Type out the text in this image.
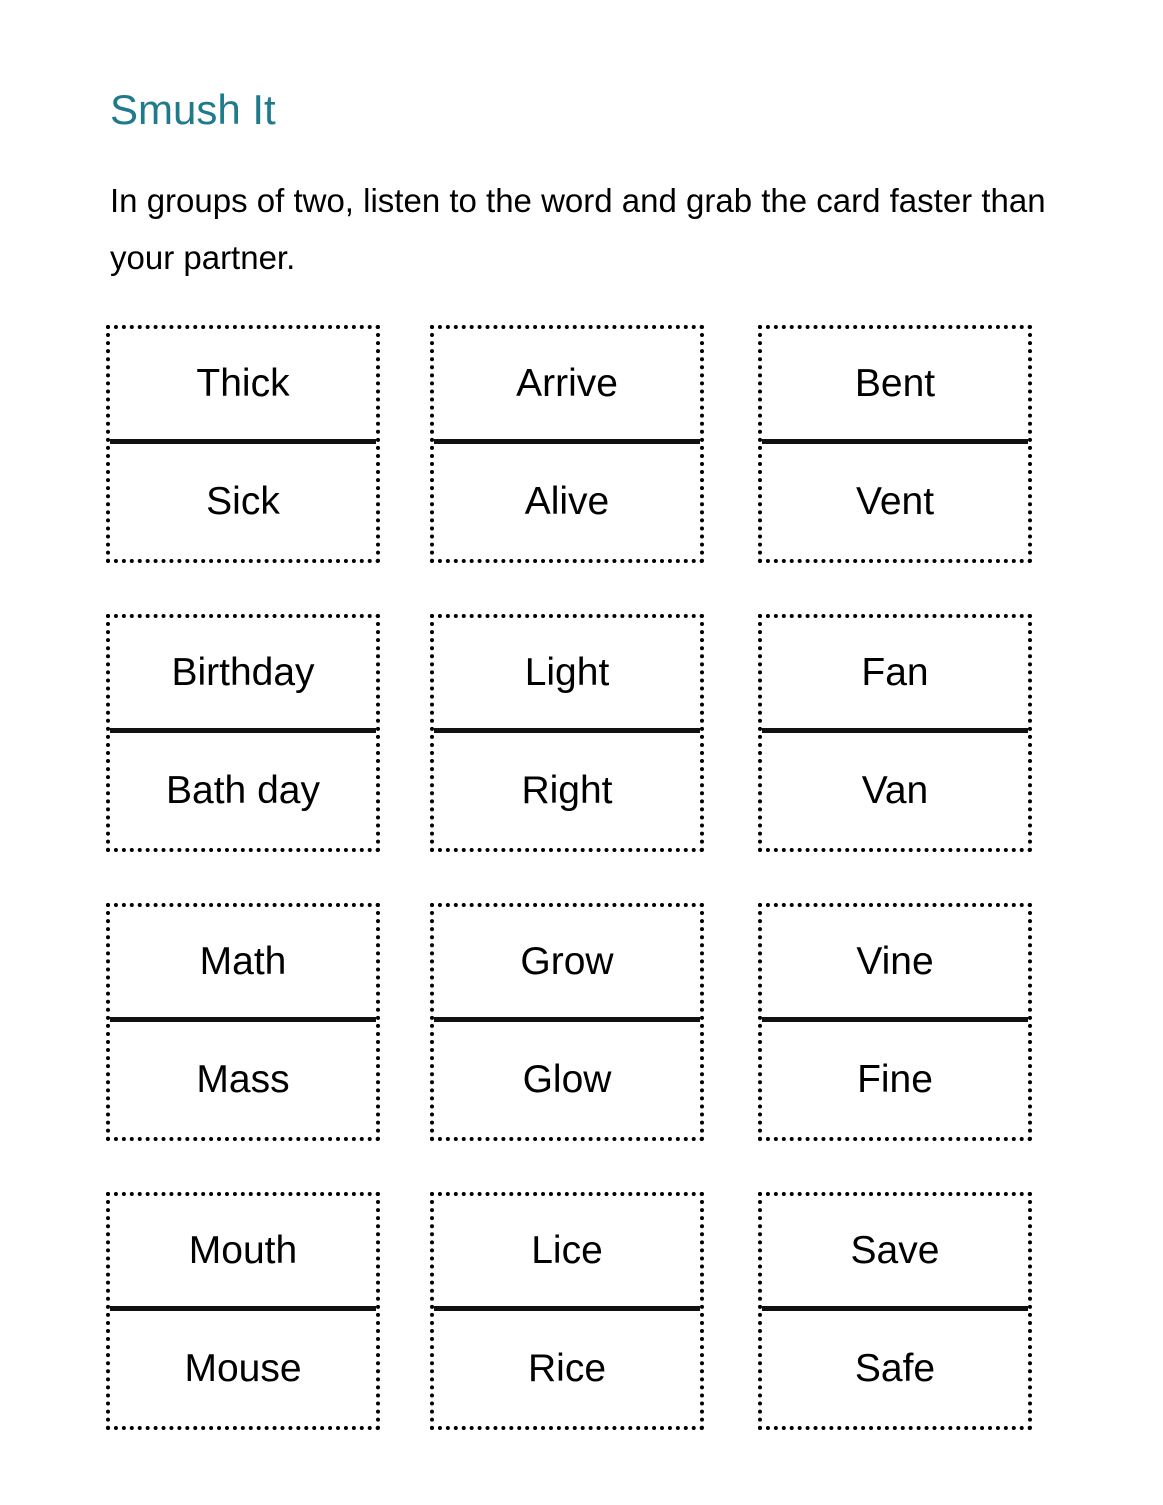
Smush It

In groups of two, listen to the word and grab the card faster than your partner.

Thick
Sick
Arrive
Alive
Bent
Vent
Birthday
Bath day
Light
Right
Fan
Van
Math
Mass
Grow
Glow
Vine
Fine
Mouth
Mouse
Lice
Rice
Save
Safe
